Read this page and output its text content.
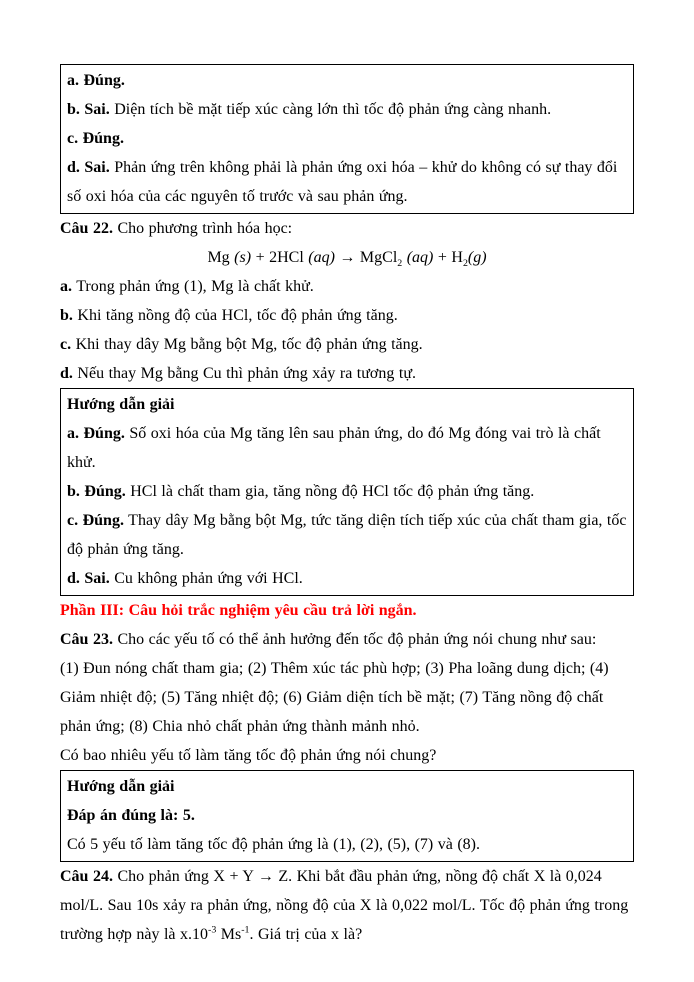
a. Đúng.

b. Sai. Diện tích bề mặt tiếp xúc càng lớn thì tốc độ phản ứng càng nhanh.

c. Đúng.

d. Sai. Phản ứng trên không phải là phản ứng oxi hóa – khử do không có sự thay đổi số oxi hóa của các nguyên tố trước và sau phản ứng.

Câu 22. Cho phương trình hóa học:

Mg (s) + 2HCl (aq) → MgCl$_2$ $(aq) + H_2(g)$

a. Trong phản ứng (1), Mg là chất khử.

b. Khi tăng nồng độ của HCl, tốc độ phản ứng tăng.

c. Khi thay dây Mg bằng bột Mg, tốc độ phản ứng tăng.

d. Nếu thay Mg bằng Cu thì phản ứng xảy ra tương tự.

Hướng dẫn giải

a. Đúng. Số oxi hóa của Mg tăng lên sau phản ứng, do đó Mg đóng vai trò là chất khử.

b. Đúng. HCl là chất tham gia, tăng nồng độ HCl tốc độ phản ứng tăng.

c. Đúng. Thay dây Mg bằng bột Mg, tức tăng diện tích tiếp xúc của chất tham gia, tốc độ phản ứng tăng.

d. Sai. Cu không phản ứng với HCl.

Phần III: Câu hỏi trắc nghiệm yêu cầu trả lời ngắn.

Câu 23. Cho các yếu tố có thể ảnh hưởng đến tốc độ phản ứng nói chung như sau:

(1) Đun nóng chất tham gia; (2) Thêm xúc tác phù hợp; (3) Pha loãng dung dịch; (4) Giảm nhiệt độ; (5) Tăng nhiệt độ; (6) Giảm diện tích bề mặt; (7) Tăng nồng độ chất phản ứng; (8) Chia nhỏ chất phản ứng thành mảnh nhỏ.

Có bao nhiêu yếu tố làm tăng tốc độ phản ứng nói chung?

Hướng dẫn giải

Đáp án đúng là: 5.

Có 5 yếu tố làm tăng tốc độ phản ứng là (1), (2), (5), (7) và (8).

Câu 24. Cho phản ứng X + Y → Z. Khi bắt đầu phản ứng, nồng độ chất X là 0,024 mol/L. Sau 10s xảy ra phản ứng, nồng độ của X là 0,022 mol/L. Tốc độ phản ứng trong trường hợp này là $x.10^{-3}$ $Ms^{-1}$. Giá trị của x là?
